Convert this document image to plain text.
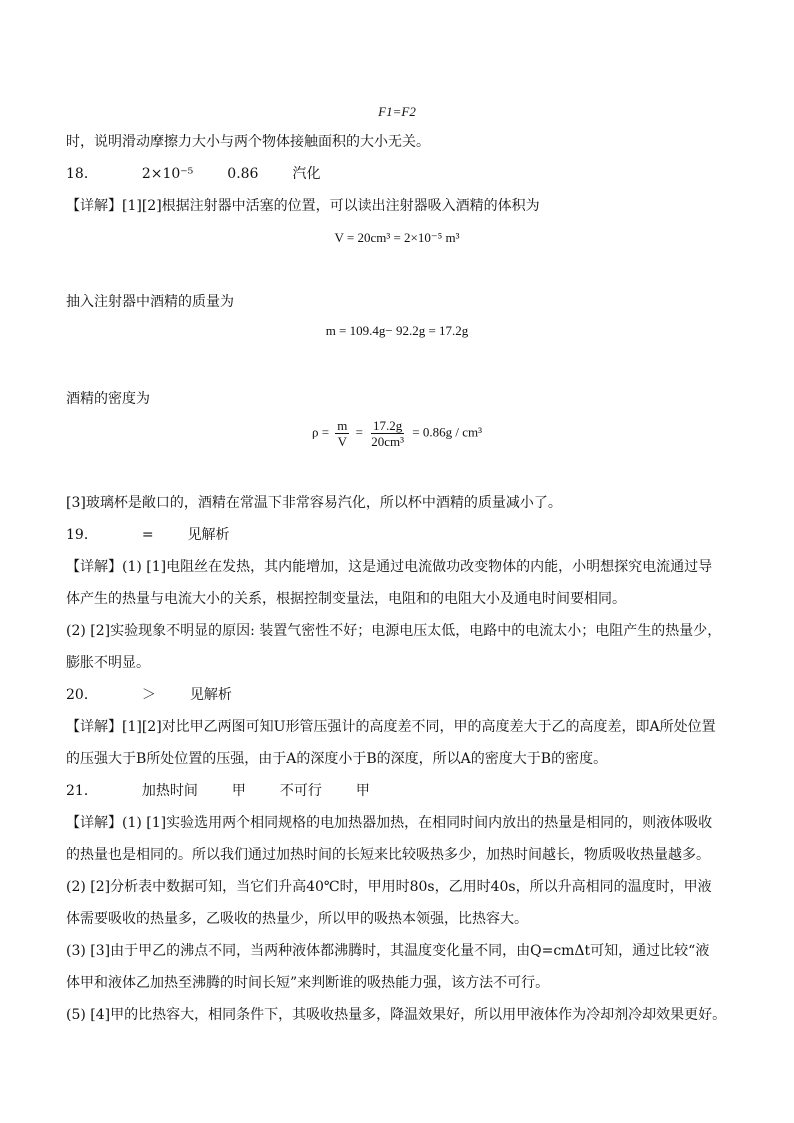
F1=F2
时，说明滑动摩擦力大小与两个物体接触面积的大小无关。
18．	2×10⁻⁵ 0.86 汽化
【详解】[1][2]根据注射器中活塞的位置，可以读出注射器吸入酒精的体积为
V = 20cm³ = 2×10⁻⁵ m³
抽入注射器中酒精的质量为
m = 109.4g− 92.2g = 17.2g
酒精的密度为
$\rho = \frac{m}{V} = \frac{17.2g}{\text{20cm³}} = 0.86g / cm^3$
[3]玻璃杯是敞口的，酒精在常温下非常容易汽化，所以杯中酒精的质量减小了。
19．	= 见解析
【详解】(1) [1]电阻丝在发热，其内能增加，这是通过电流做功改变物体的内能，小明想探究电流通过导
体产生的热量与电流大小的关系，根据控制变量法，电阻和的电阻大小及通电时间要相同。
(2) [2]实验现象不明显的原因: 装置气密性不好；电源电压太低，电路中的电流太小；电阻产生的热量少，
膨胀不明显。
20．	＞ 见解析
【详解】[1][2]对比甲乙两图可知U形管压强计的高度差不同，甲的高度差大于乙的高度差，即A所处位置
的压强大于B所处位置的压强，由于A的深度小于B的深度，所以A的密度大于B的密度。
21．	加热时间 甲 不可行 甲
【详解】(1) [1]实验选用两个相同规格的电加热器加热，在相同时间内放出的热量是相同的，则液体吸收
的热量也是相同的。所以我们通过加热时间的长短来比较吸热多少，加热时间越长，物质吸收热量越多。
(2) [2]分析表中数据可知，当它们升高40℃时，甲用时80s，乙用时40s，所以升高相同的温度时，甲液
体需要吸收的热量多，乙吸收的热量少，所以甲的吸热本领强，比热容大。
(3) [3]由于甲乙的沸点不同，当两种液体都沸腾时，其温度变化量不同，由Q=cmΔt可知，通过比较“液
体甲和液体乙加热至沸腾的时间长短”来判断谁的吸热能力强，该方法不可行。
(5) [4]甲的比热容大，相同条件下，其吸收热量多，降温效果好，所以用甲液体作为冷却剂冷却效果更好。
